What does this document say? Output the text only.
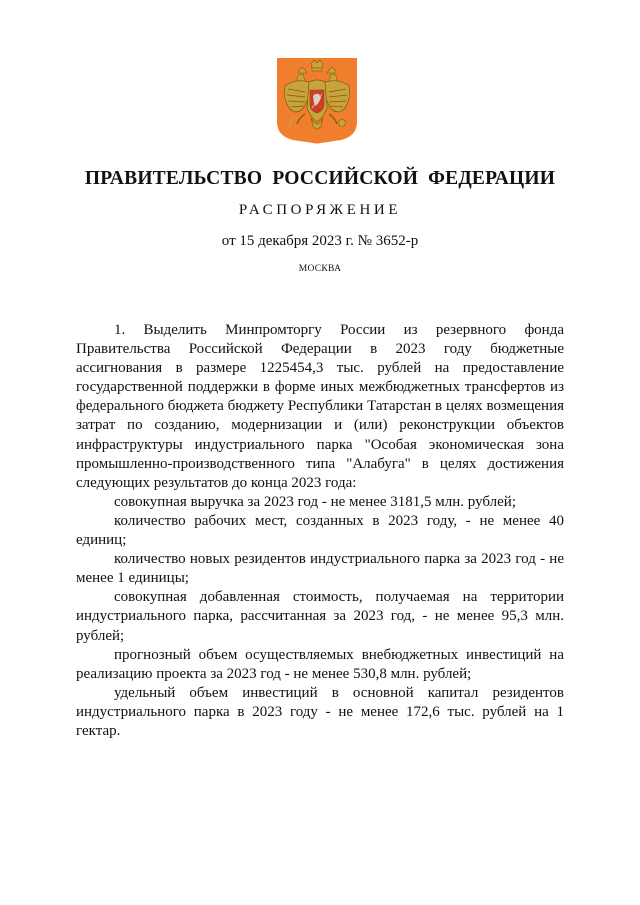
ПРАВИТЕЛЬСТВО РОССИЙСКОЙ ФЕДЕРАЦИИ
РАСПОРЯЖЕНИЕ
от 15 декабря 2023 г. № 3652-р
МОСКВА

1. Выделить Минпромторгу России из резервного фонда Правительства Российской Федерации в 2023 году бюджетные ассигнования в размере 1225454,3 тыс. рублей на предоставление государственной поддержки в форме иных межбюджетных трансфертов из федерального бюджета бюджету Республики Татарстан в целях возмещения затрат по созданию, модернизации и (или) реконструкции объектов инфраструктуры индустриального парка "Особая экономическая зона промышленно-производственного типа "Алабуга" в целях достижения следующих результатов до конца 2023 года:

совокупная выручка за 2023 год - не менее 3181,5 млн. рублей;

количество рабочих мест, созданных в 2023 году, - не менее 40 единиц;

количество новых резидентов индустриального парка за 2023 год - не менее 1 единицы;

совокупная добавленная стоимость, получаемая на территории индустриального парка, рассчитанная за 2023 год, - не менее 95,3 млн. рублей;

прогнозный объем осуществляемых внебюджетных инвестиций на реализацию проекта за 2023 год - не менее 530,8 млн. рублей;

удельный объем инвестиций в основной капитал резидентов индустриального парка в 2023 году - не менее 172,6 тыс. рублей на 1 гектар.
